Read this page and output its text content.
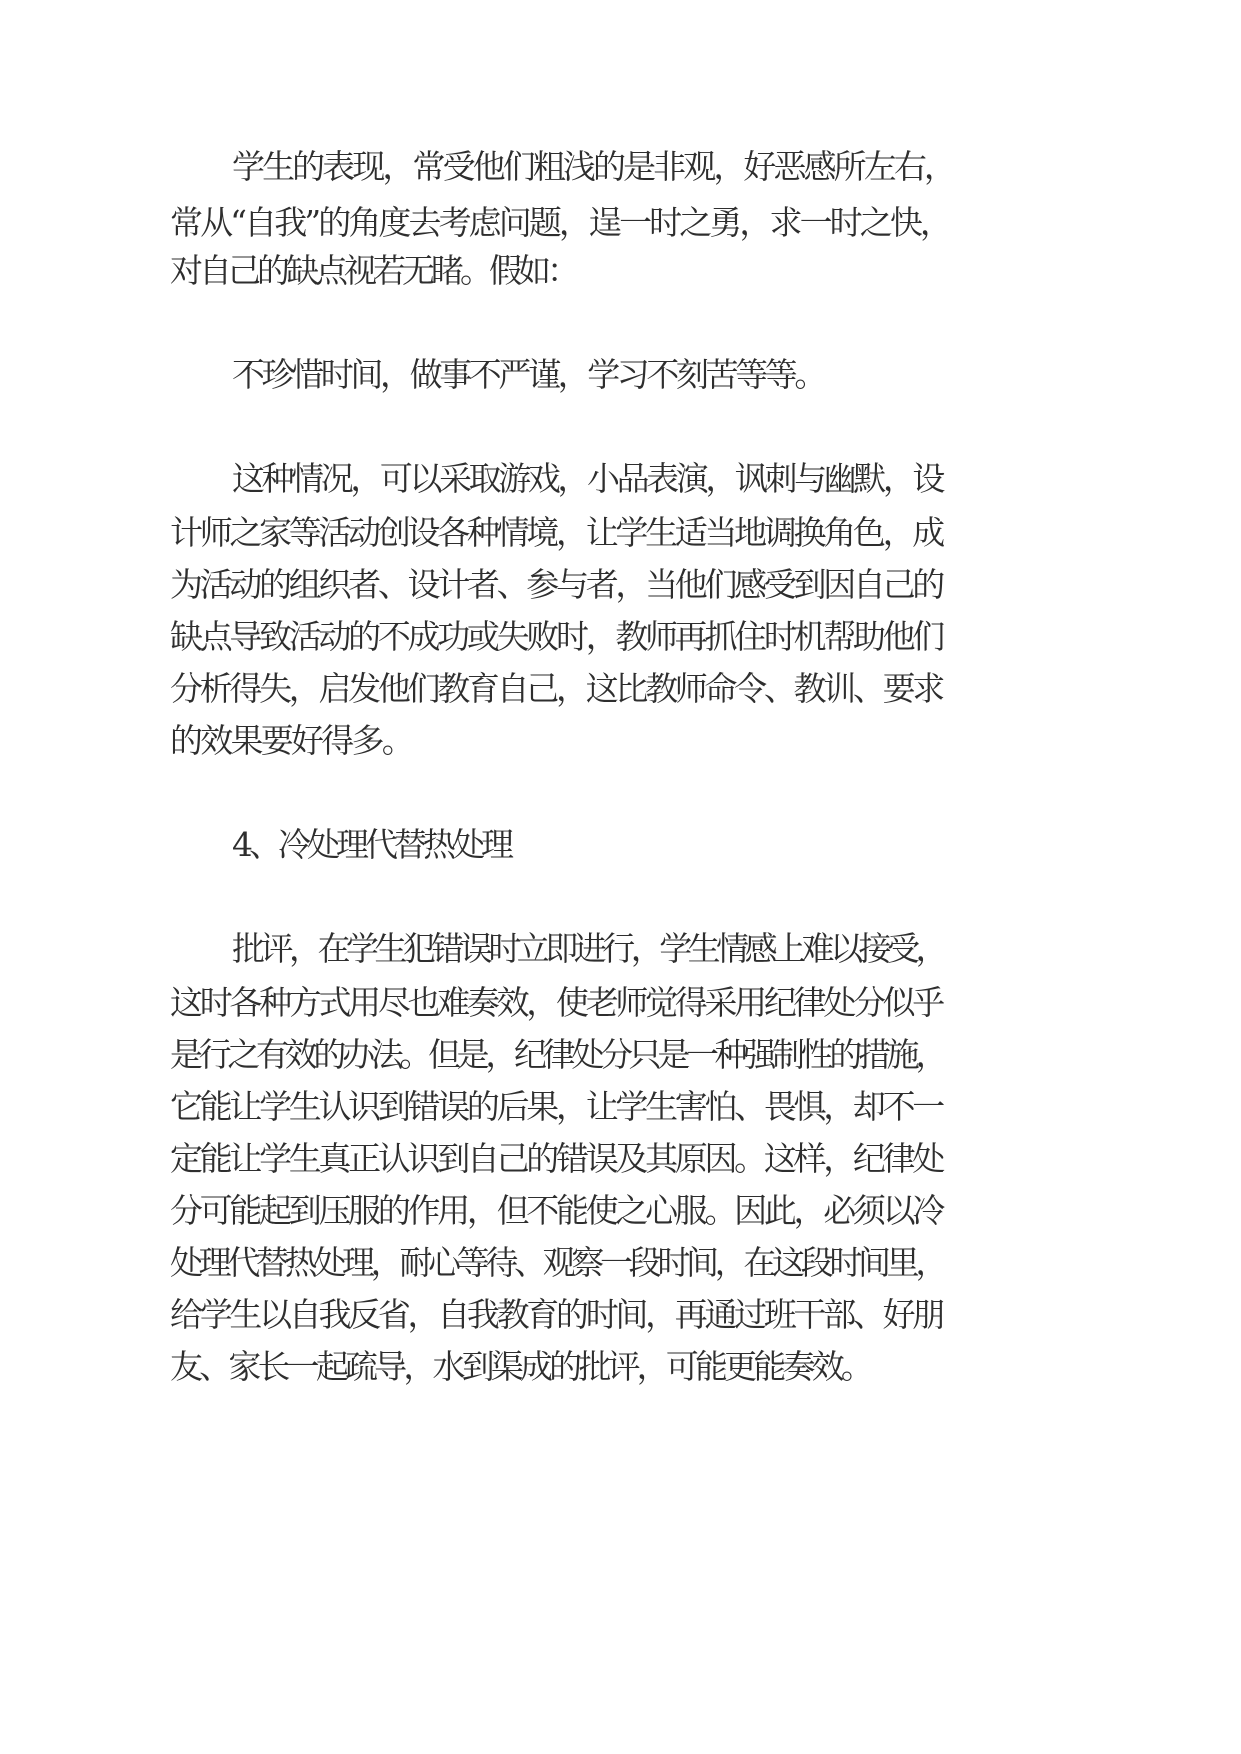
学生的表现，常受他们粗浅的是非观，好恶感所左右，
常从“自我”的角度去考虑问题，逞一时之勇，求一时之快，
对自己的缺点视若无睹。假如：
不珍惜时间，做事不严谨，学习不刻苦等等。
这种情况，可以采取游戏，小品表演，讽刺与幽默，设
计师之家等活动创设各种情境，让学生适当地调换角色，成
为活动的组织者、设计者、参与者，当他们感受到因自己的
缺点导致活动的不成功或失败时，教师再抓住时机帮助他们
分析得失，启发他们教育自己，这比教师命令、教训、要求
的效果要好得多。
4、冷处理代替热处理
批评，在学生犯错误时立即进行，学生情感上难以接受，
这时各种方式用尽也难奏效，使老师觉得采用纪律处分似乎
是行之有效的办法。但是，纪律处分只是一种强制性的措施，
它能让学生认识到错误的后果，让学生害怕、畏惧，却不一
定能让学生真正认识到自己的错误及其原因。这样，纪律处
分可能起到压服的作用，但不能使之心服。因此，必须以冷
处理代替热处理，耐心等待、观察一段时间，在这段时间里，
给学生以自我反省，自我教育的时间，再通过班干部、好朋
友、家长一起疏导，水到渠成的批评，可能更能奏效。
